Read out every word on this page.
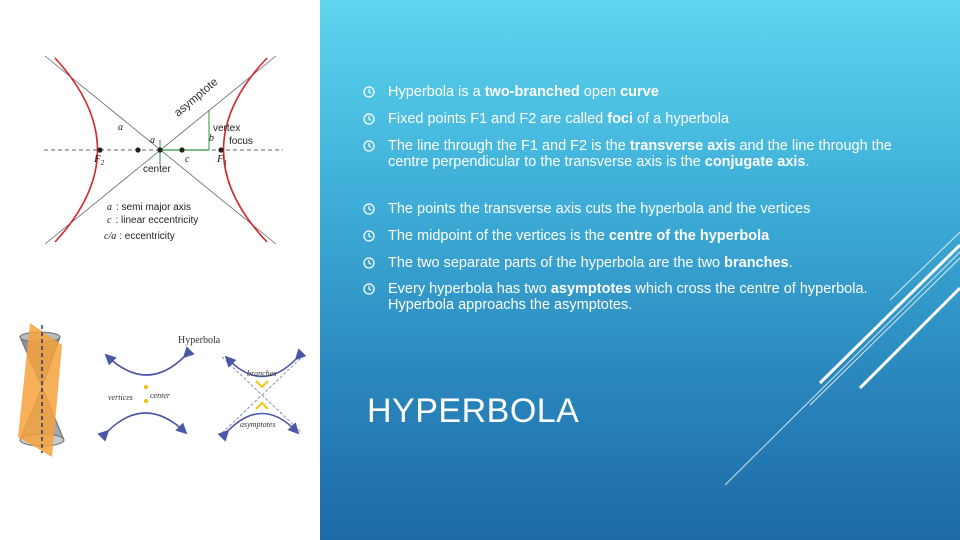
asymptote
vertex
focus
center
a
a	b
c
$F_2$	$F_1$
a : semi major axis
c : linear eccentricity
c/a : eccentricity
Hyperbola
vertices center
branches
asymptotes
Hyperbola is a two-branched open curve
Fixed points F1 and F2 are called foci of a hyperbola
The line through the F1 and F2 is the transverse axis and the line through the centre perpendicular to the transverse axis is the conjugate axis.
The points the transverse axis cuts the hyperbola and the vertices
The midpoint of the vertices is the centre of the hyperbola
The two separate parts of the hyperbola are the two branches.
Every hyperbola has two asymptotes which cross the centre of hyperbola. Hyperbola approachs the asymptotes.
HYPERBOLA
